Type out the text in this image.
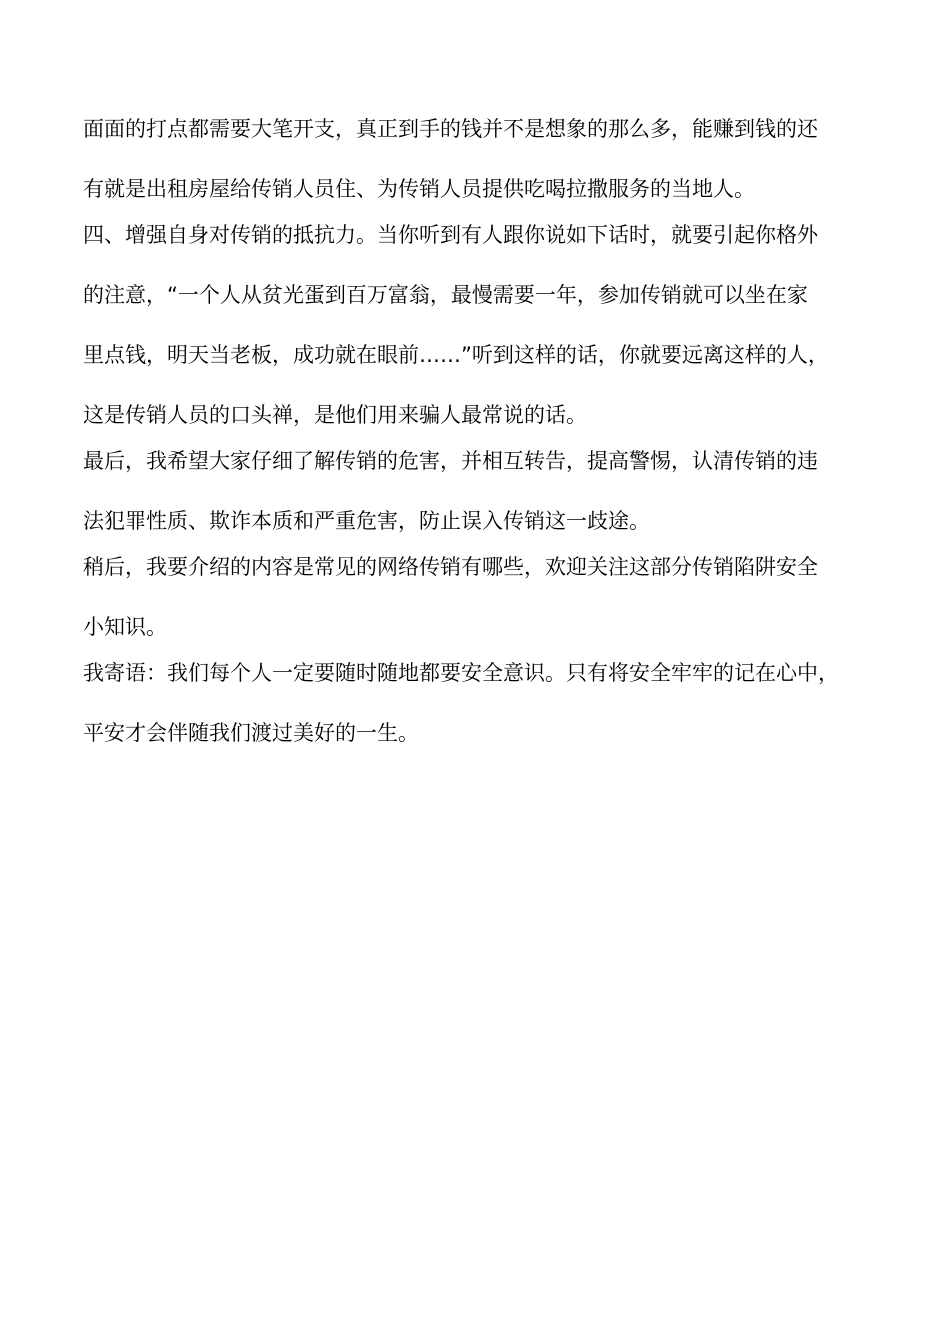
面面的打点都需要大笔开支，真正到手的钱并不是想象的那么多，能赚到钱的还

有就是出租房屋给传销人员住、为传销人员提供吃喝拉撒服务的当地人。

四、增强自身对传销的抵抗力。当你听到有人跟你说如下话时，就要引起你格外

的注意，“一个人从贫光蛋到百万富翁，最慢需要一年，参加传销就可以坐在家

里点钱，明天当老板，成功就在眼前……”听到这样的话，你就要远离这样的人，

这是传销人员的口头禅，是他们用来骗人最常说的话。

最后，我希望大家仔细了解传销的危害，并相互转告，提高警惕，认清传销的违

法犯罪性质、欺诈本质和严重危害，防止误入传销这一歧途。

稍后，我要介绍的内容是常见的网络传销有哪些，欢迎关注这部分传销陷阱安全

小知识。

我寄语：我们每个人一定要随时随地都要安全意识。只有将安全牢牢的记在心中，

平安才会伴随我们渡过美好的一生。
